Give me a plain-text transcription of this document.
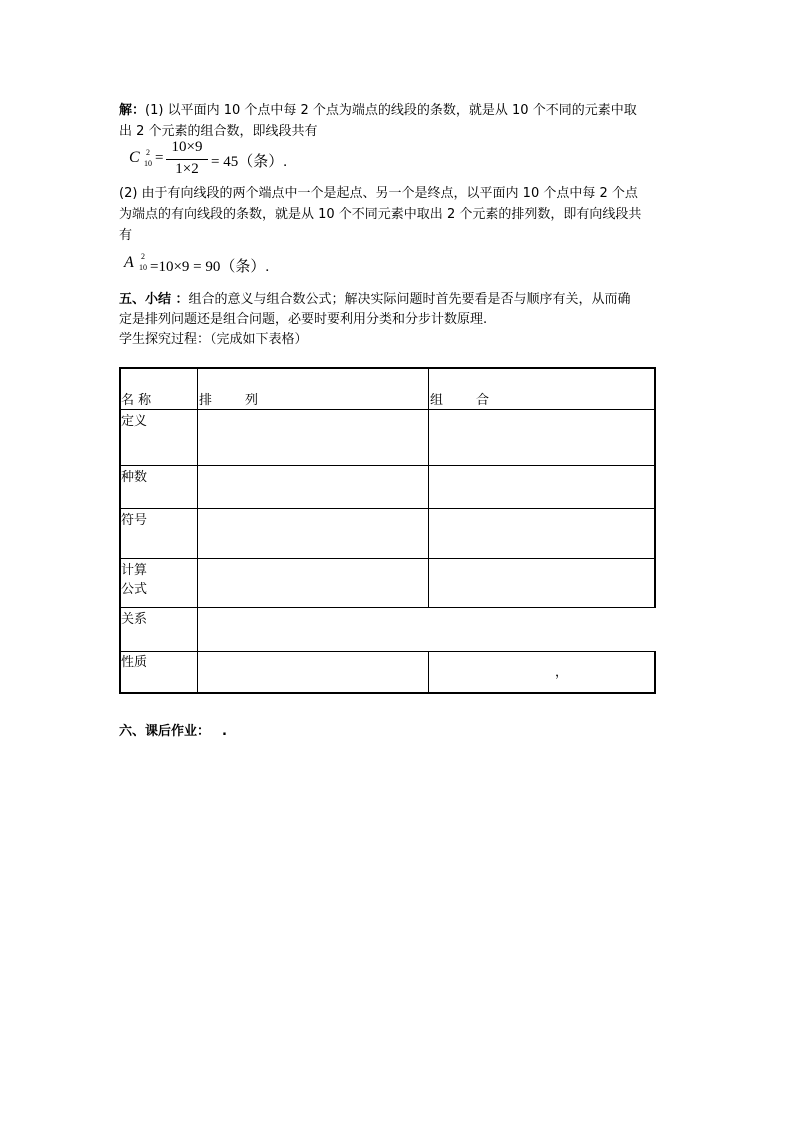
解：(1) 以平面内 10 个点中每 2 个点为端点的线段的条数，就是从 10 个不同的元素中取
出 2 个元素的组合数，即线段共有
C 2
10 =
10×9
1×2 = 45（条）.
(2) 由于有向线段的两个端点中一个是起点、另一个是终点，以平面内 10 个点中每 2 个点
为端点的有向线段的条数，就是从 10 个不同元素中取出 2 个元素的排列数，即有向线段共
有
A 2
10 =10×9 = 90（条）.
五、小结 ：组合的意义与组合数公式；解决实际问题时首先要看是否与顺序有关，从而确
定是排列问题还是组合问题，必要时要利用分类和分步计数原理.
学生探究过程：（完成如下表格）
名 称	排        列	组        合
定义
种数
符号
计算
公式
关系
性质
，
六、课后作业： .
